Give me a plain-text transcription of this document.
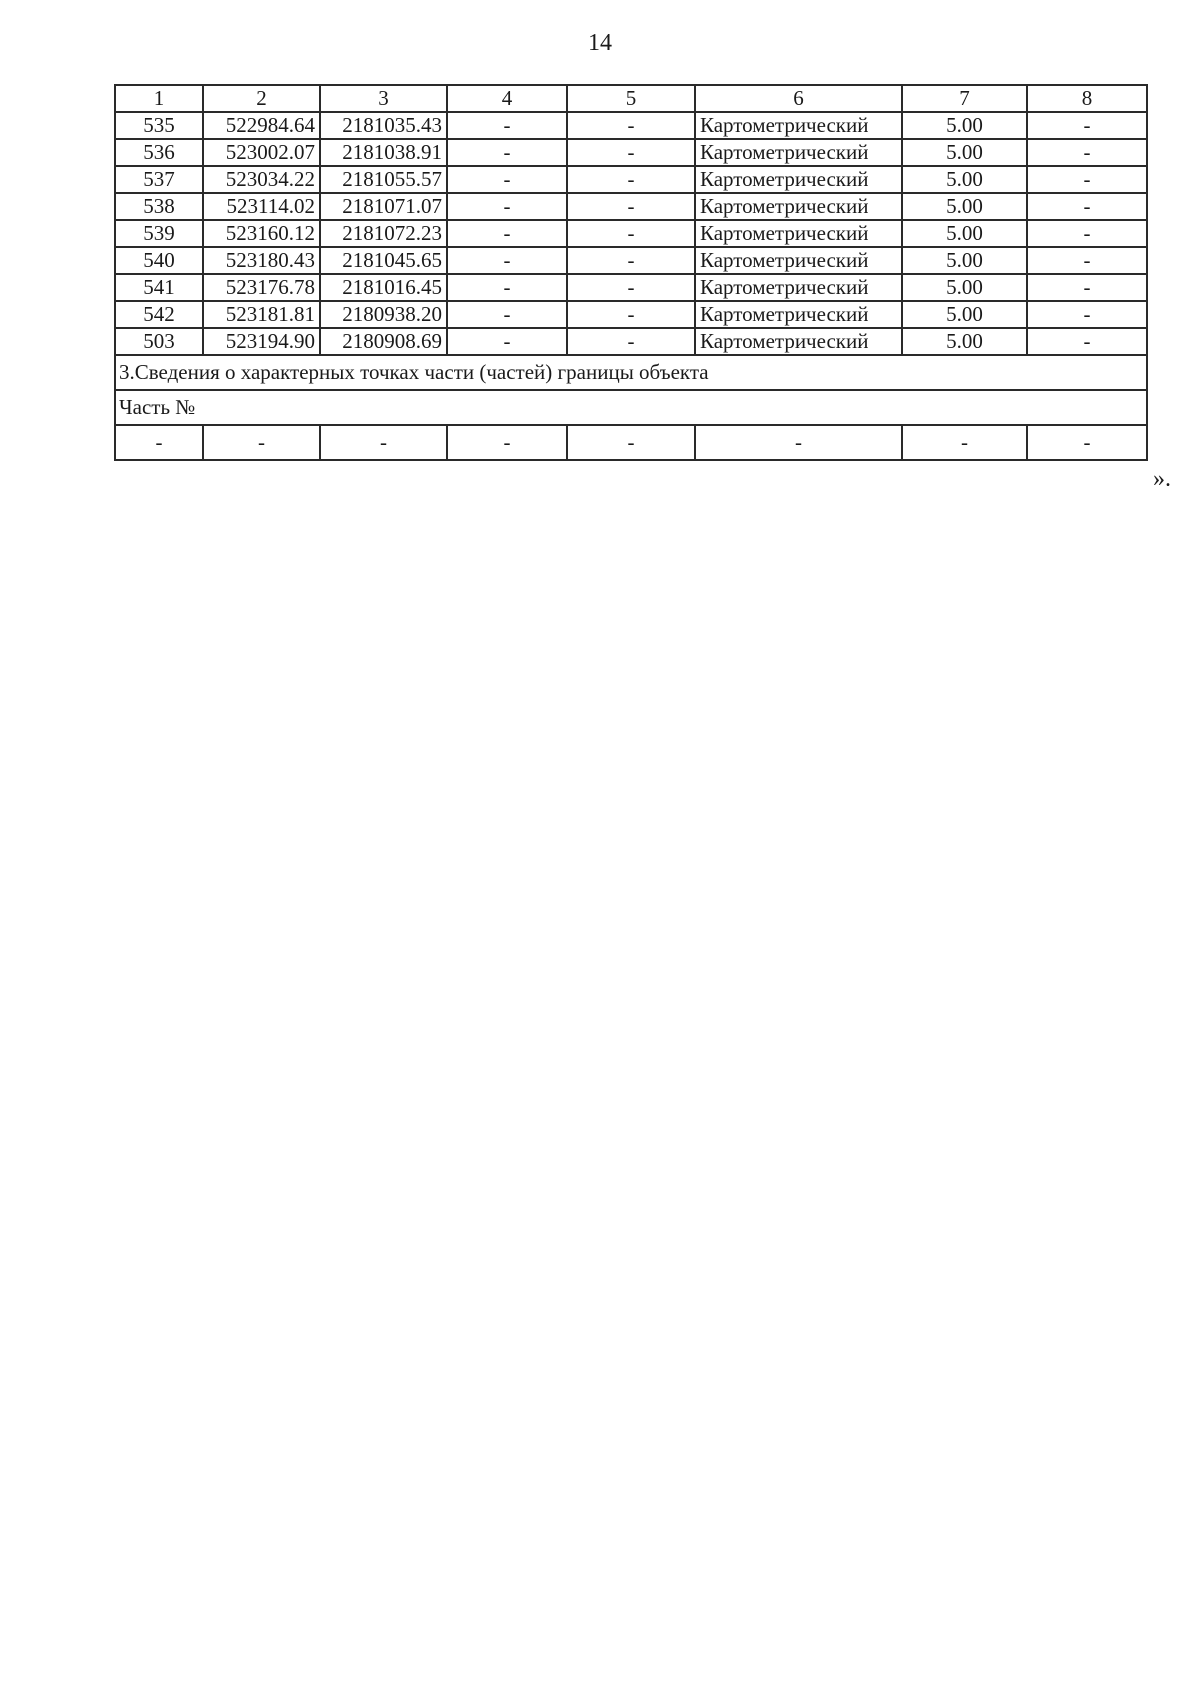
14
1	2	3	4	5	6	7	8
535	522984.64	2181035.43	-	-	Картометрический	5.00	-
536	523002.07	2181038.91	-	-	Картометрический	5.00	-
537	523034.22	2181055.57	-	-	Картометрический	5.00	-
538	523114.02	2181071.07	-	-	Картометрический	5.00	-
539	523160.12	2181072.23	-	-	Картометрический	5.00	-
540	523180.43	2181045.65	-	-	Картометрический	5.00	-
541	523176.78	2181016.45	-	-	Картометрический	5.00	-
542	523181.81	2180938.20	-	-	Картометрический	5.00	-
503	523194.90	2180908.69	-	-	Картометрический	5.00	-
3.Сведения о характерных точках части (частей) границы объекта							
Часть №							
-	-	-	-	-	-	-	-
».
